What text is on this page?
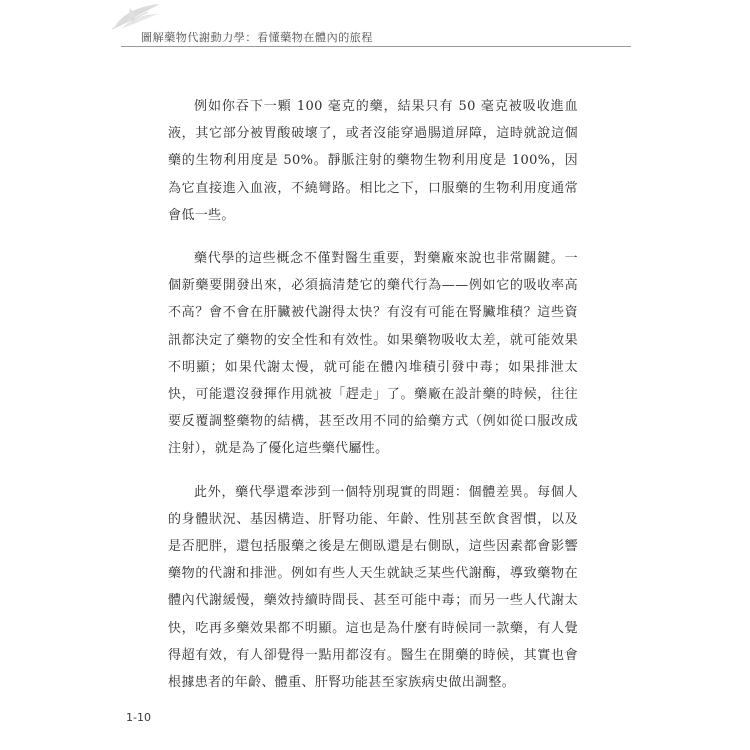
圖解藥物代謝動力學：看懂藥物在體內的旅程

例如你吞下一顆 100 毫克的藥，結果只有 50 毫克被吸收進血液，其它部分被胃酸破壞了，或者沒能穿過腸道屏障，這時就說這個藥的生物利用度是 50%。靜脈注射的藥物生物利用度是 100%，因為它直接進入血液，不繞彎路。相比之下，口服藥的生物利用度通常會低一些。

藥代學的這些概念不僅對醫生重要，對藥廠來說也非常關鍵。一個新藥要開發出來，必須搞清楚它的藥代行為——例如它的吸收率高不高？會不會在肝臟被代謝得太快？有沒有可能在腎臟堆積？這些資訊都決定了藥物的安全性和有效性。如果藥物吸收太差，就可能效果不明顯；如果代謝太慢，就可能在體內堆積引發中毒；如果排泄太快，可能還沒發揮作用就被「趕走」了。藥廠在設計藥的時候，往往要反覆調整藥物的結構，甚至改用不同的給藥方式（例如從口服改成注射），就是為了優化這些藥代屬性。

此外，藥代學還牽涉到一個特別現實的問題：個體差異。每個人的身體狀況、基因構造、肝腎功能、年齡、性別甚至飲食習慣，以及是否肥胖，還包括服藥之後是左側臥還是右側臥，這些因素都會影響藥物的代謝和排泄。例如有些人天生就缺乏某些代謝酶，導致藥物在體內代謝緩慢，藥效持續時間長、甚至可能中毒；而另一些人代謝太快，吃再多藥效果都不明顯。這也是為什麼有時候同一款藥，有人覺得超有效，有人卻覺得一點用都沒有。醫生在開藥的時候，其實也會根據患者的年齡、體重、肝腎功能甚至家族病史做出調整。

1-10
